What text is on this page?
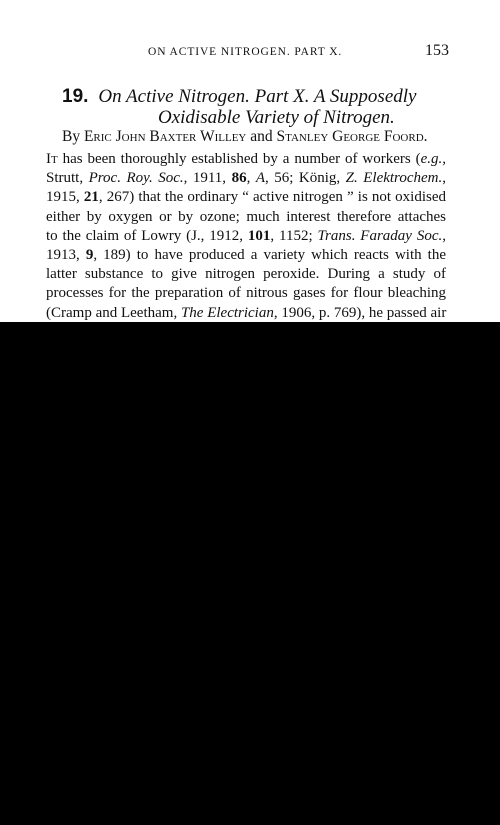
ON ACTIVE NITROGEN. PART X.	153
19. On Active Nitrogen. Part X. A Supposedly
Oxidisable Variety of Nitrogen.
By Eric John Baxter Willey and Stanley George Foord.
It has been thoroughly established by a number of workers (e.g.,
Strutt, Proc. Roy. Soc., 1911, 86, A, 56; König, Z. Elektrochem.,
1915, 21, 267) that the ordinary “ active nitrogen ” is not oxidised
either by oxygen or by ozone; much interest therefore attaches
to the claim of Lowry (J., 1912, 101, 1152; Trans. Faraday Soc.,
1913, 9, 189) to have produced a variety which reacts with the
latter substance to give nitrogen peroxide. During a study of
processes for the preparation of nitrous gases for flour bleaching
(Cramp and Leetham, The Electrician, 1906, p. 769), he passed air
